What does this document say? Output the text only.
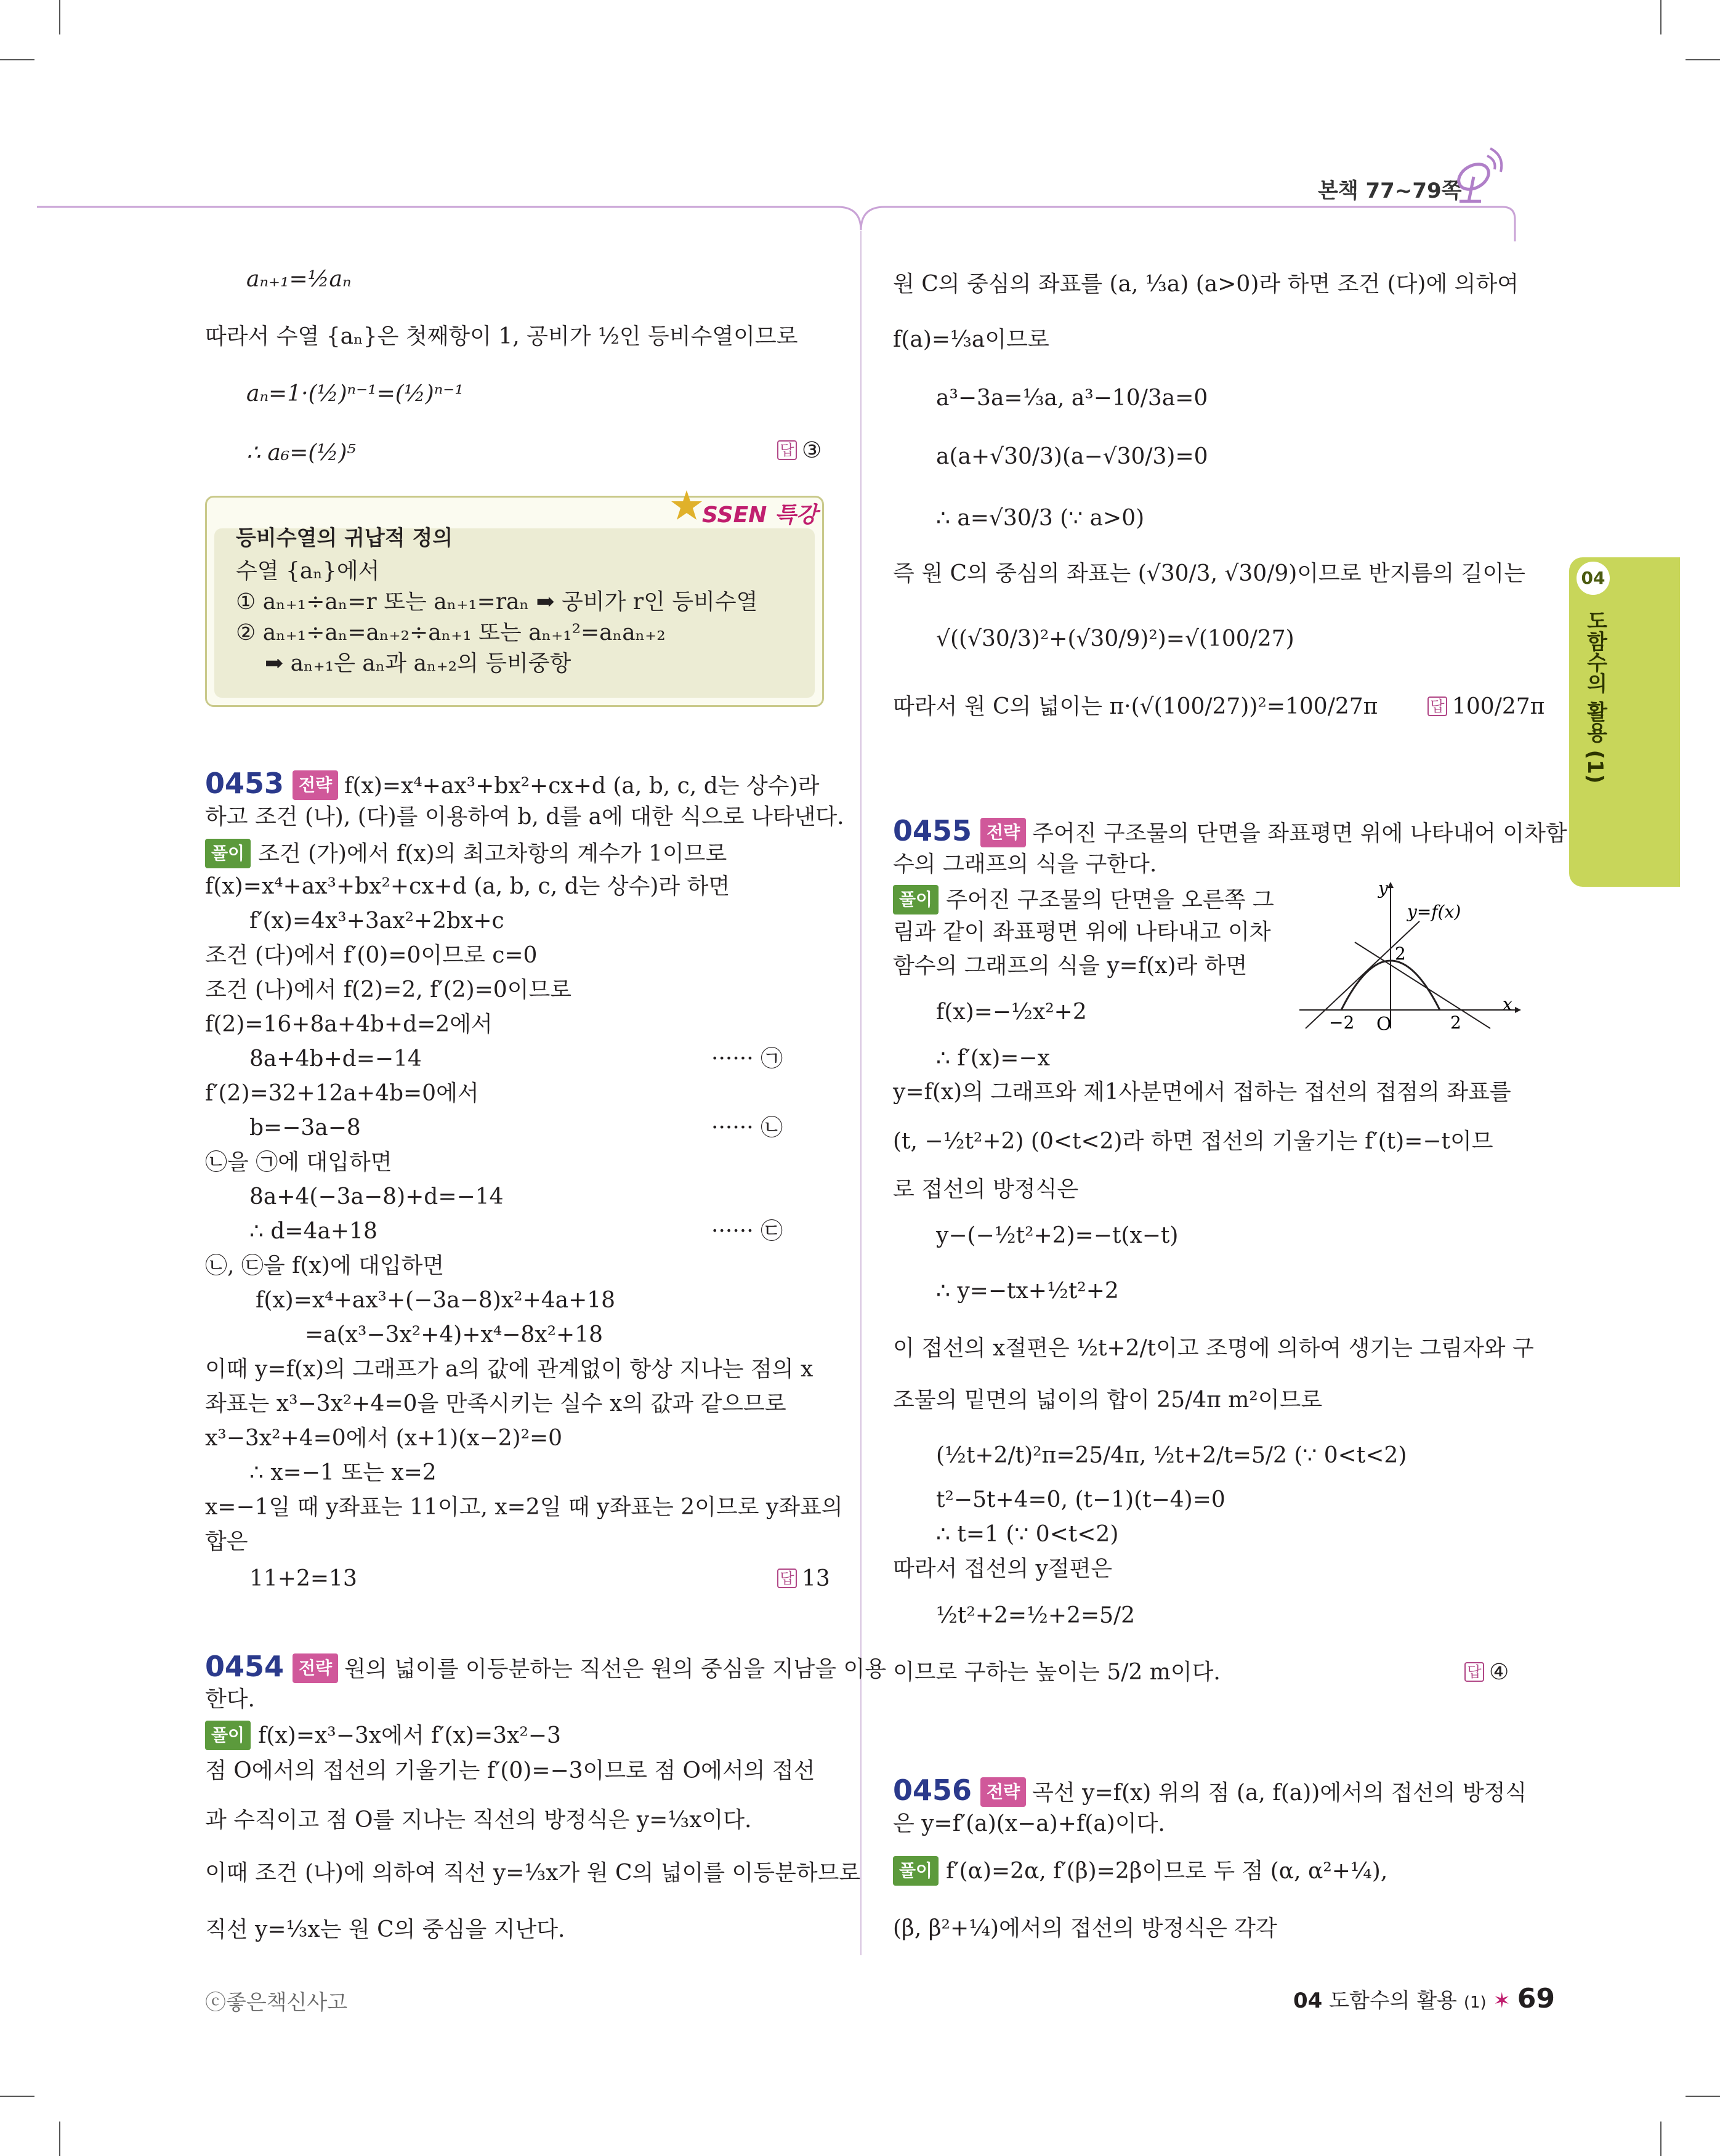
본책 77~79쪽
04
도함수의 활용 (1)
aₙ₊₁=½aₙ
따라서 수열 {aₙ}은 첫째항이 1, 공비가 ½인 등비수열이므로
aₙ=1·(½)ⁿ⁻¹=(½)ⁿ⁻¹
∴ a₆=(½)⁵	답 ③
SSEN 특강
등비수열의 귀납적 정의
수열 {aₙ}에서
① aₙ₊₁÷aₙ=r 또는 aₙ₊₁=raₙ ➡ 공비가 r인 등비수열
② aₙ₊₁÷aₙ=aₙ₊₂÷aₙ₊₁ 또는 aₙ₊₁²=aₙaₙ₊₂
➡ aₙ₊₁은 aₙ과 aₙ₊₂의 등비중항
0453 전략 f(x)=x⁴+ax³+bx²+cx+d (a, b, c, d는 상수)라
하고 조건 (나), (다)를 이용하여 b, d를 a에 대한 식으로 나타낸다.
풀이 조건 (가)에서 f(x)의 최고차항의 계수가 1이므로
f(x)=x⁴+ax³+bx²+cx+d (a, b, c, d는 상수)라 하면
f′(x)=4x³+3ax²+2bx+c
조건 (다)에서 f′(0)=0이므로 c=0
조건 (나)에서 f(2)=2, f′(2)=0이므로
f(2)=16+8a+4b+d=2에서
8a+4b+d=−14	······ ㉠
f′(2)=32+12a+4b=0에서
b=−3a−8	······ ㉡
㉡을 ㉠에 대입하면
8a+4(−3a−8)+d=−14
∴ d=4a+18	······ ㉢
㉡, ㉢을 f(x)에 대입하면
f(x)=x⁴+ax³+(−3a−8)x²+4a+18
=a(x³−3x²+4)+x⁴−8x²+18
이때 y=f(x)의 그래프가 a의 값에 관계없이 항상 지나는 점의 x
좌표는 x³−3x²+4=0을 만족시키는 실수 x의 값과 같으므로
x³−3x²+4=0에서 (x+1)(x−2)²=0
∴ x=−1 또는 x=2
x=−1일 때 y좌표는 11이고, x=2일 때 y좌표는 2이므로 y좌표의
합은
11+2=13	답 13
0454 전략 원의 넓이를 이등분하는 직선은 원의 중심을 지남을 이용
한다.
풀이 f(x)=x³−3x에서 f′(x)=3x²−3
점 O에서의 접선의 기울기는 f′(0)=−3이므로 점 O에서의 접선
과 수직이고 점 O를 지나는 직선의 방정식은 y=⅓x이다.
이때 조건 (나)에 의하여 직선 y=⅓x가 원 C의 넓이를 이등분하므로
직선 y=⅓x는 원 C의 중심을 지난다.
원 C의 중심의 좌표를 (a, ⅓a) (a>0)라 하면 조건 (다)에 의하여
f(a)=⅓a이므로
a³−3a=⅓a, a³−10/3a=0
a(a+√30/3)(a−√30/3)=0
∴ a=√30/3 (∵ a>0)
즉 원 C의 중심의 좌표는 (√30/3, √30/9)이므로 반지름의 길이는
√((√30/3)²+(√30/9)²)=√(100/27)
따라서 원 C의 넓이는 π·(√(100/27))²=100/27π	답 100/27π
0455 전략 주어진 구조물의 단면을 좌표평면 위에 나타내어 이차함
수의 그래프의 식을 구한다.
풀이 주어진 구조물의 단면을 오른쪽 그
림과 같이 좌표평면 위에 나타내고 이차
함수의 그래프의 식을 y=f(x)라 하면
f(x)=−½x²+2
∴ f′(x)=−x
y=f(x)의 그래프와 제1사분면에서 접하는 접선의 접점의 좌표를
(t, −½t²+2) (0<t<2)라 하면 접선의 기울기는 f′(t)=−t이므
로 접선의 방정식은
y−(−½t²+2)=−t(x−t)
∴ y=−tx+½t²+2
이 접선의 x절편은 ½t+2/t이고 조명에 의하여 생기는 그림자와 구
조물의 밑면의 넓이의 합이 25/4π m²이므로
(½t+2/t)²π=25/4π, ½t+2/t=5/2 (∵ 0<t<2)
t²−5t+4=0, (t−1)(t−4)=0
∴ t=1 (∵ 0<t<2)
따라서 접선의 y절편은
½t²+2=½+2=5/2
이므로 구하는 높이는 5/2 m이다.	답 ④
−2 O	2
2
x
y
y=f(x)
0456 전략 곡선 y=f(x) 위의 점 (a, f(a))에서의 접선의 방정식
은 y=f′(a)(x−a)+f(a)이다.
풀이 f′(α)=2α, f′(β)=2β이므로 두 점 (α, α²+¼),
(β, β²+¼)에서의 접선의 방정식은 각각
ⓒ좋은책신사고	04 도함수의 활용 (1) ✶ 69
